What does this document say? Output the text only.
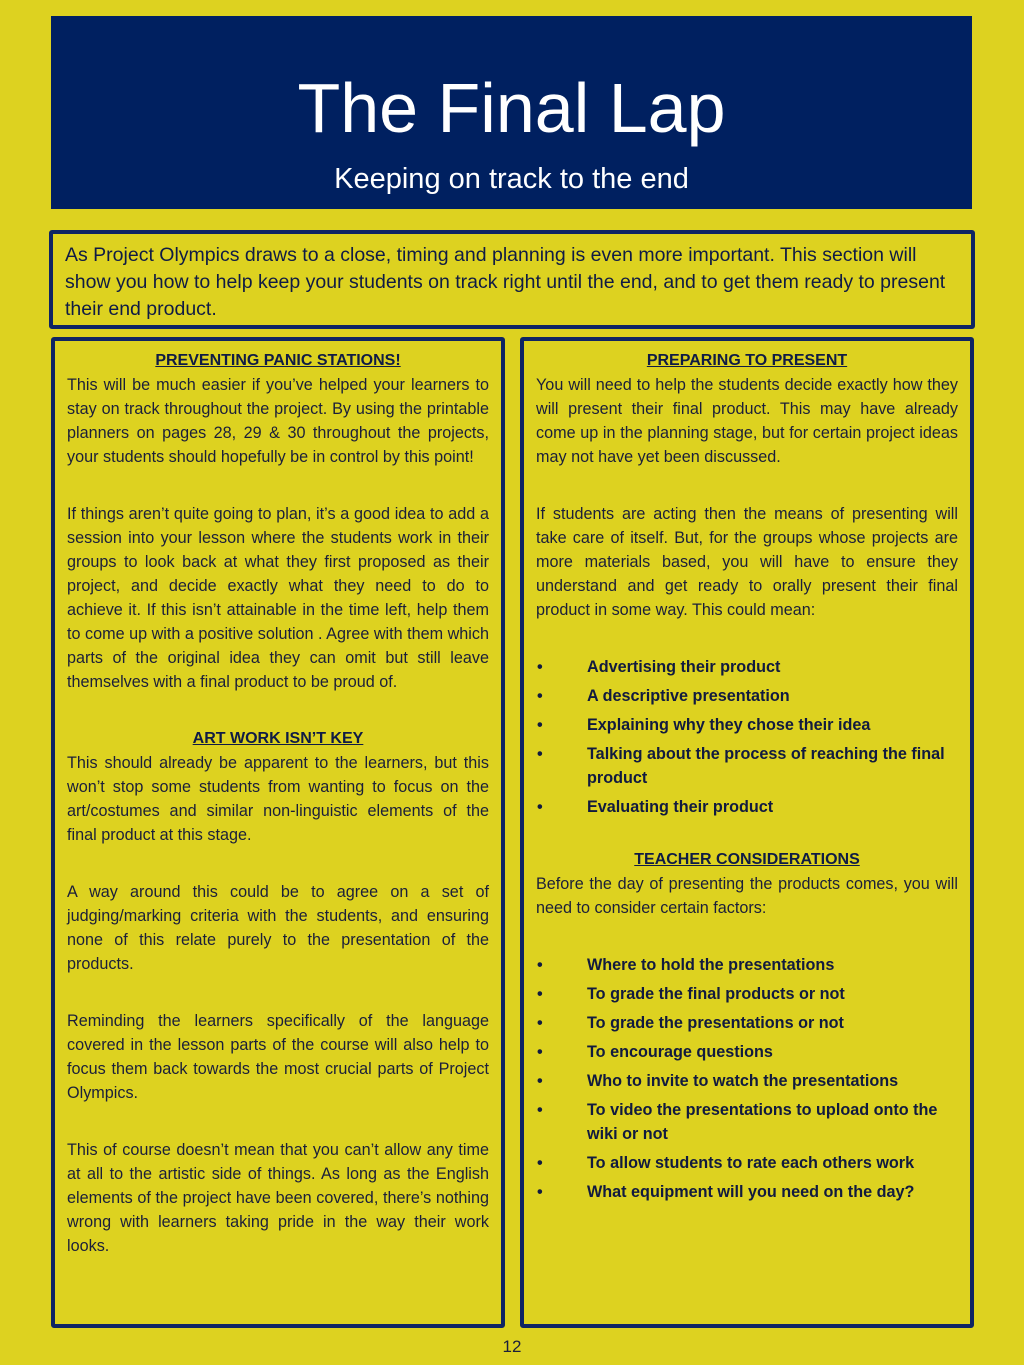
The Final Lap
Keeping on track to the end
As Project Olympics draws to a close, timing and planning is even more important. This section will show you how to help keep your students on track right until the end, and to get them ready to present their end product.
PREVENTING PANIC STATIONS!

This will be much easier if you’ve helped your learners to stay on track throughout the project. By using the printable planners on pages 28, 29 & 30 throughout the projects, your students should hopefully be in control by this point!

If things aren’t quite going to plan, it’s a good idea to add a session into your lesson where the students work in their groups to look back at what they first proposed as their project, and decide exactly what they need to do to achieve it. If this isn’t attainable in the time left, help them to come up with a positive solution . Agree with them which parts of the original idea they can omit but still leave themselves with a final product to be proud of.

ART WORK ISN’T KEY

This should already be apparent to the learners, but this won’t stop some students from wanting to focus on the art/costumes and similar non-linguistic elements of the final product at this stage.

A way around this could be to agree on a set of judging/marking criteria with the students, and ensuring none of this relate purely to the presentation of the products.

Reminding the learners specifically of the language covered in the lesson parts of the course will also help to focus them back towards the most crucial parts of Project Olympics.

This of course doesn’t mean that you can’t allow any time at all to the artistic side of things. As long as the English elements of the project have been covered, there’s nothing wrong with learners taking pride in the way their work looks.

PREPARING TO PRESENT

You will need to help the students decide exactly how they will present their final product. This may have already come up in the planning stage, but for certain project ideas may not have yet been discussed.

If students are acting then the means of presenting will take care of itself. But, for the groups whose projects are more materials based, you will have to ensure they understand and get ready to orally present their final product in some way. This could mean:

•	Advertising their product
•	A descriptive presentation
•	Explaining why they chose their idea
•	Talking about the process of reaching the final product
•	Evaluating their product
TEACHER CONSIDERATIONS

Before the day of presenting the products comes, you will need to consider certain factors:

•	Where to hold the presentations
•	To grade the final products or not
•	To grade the presentations or not
•	To encourage questions
•	Who to invite to watch the presentations
•	To video the presentations to upload onto the wiki or not
•	To allow students to rate each others work
•	What equipment will you need on the day?
12
